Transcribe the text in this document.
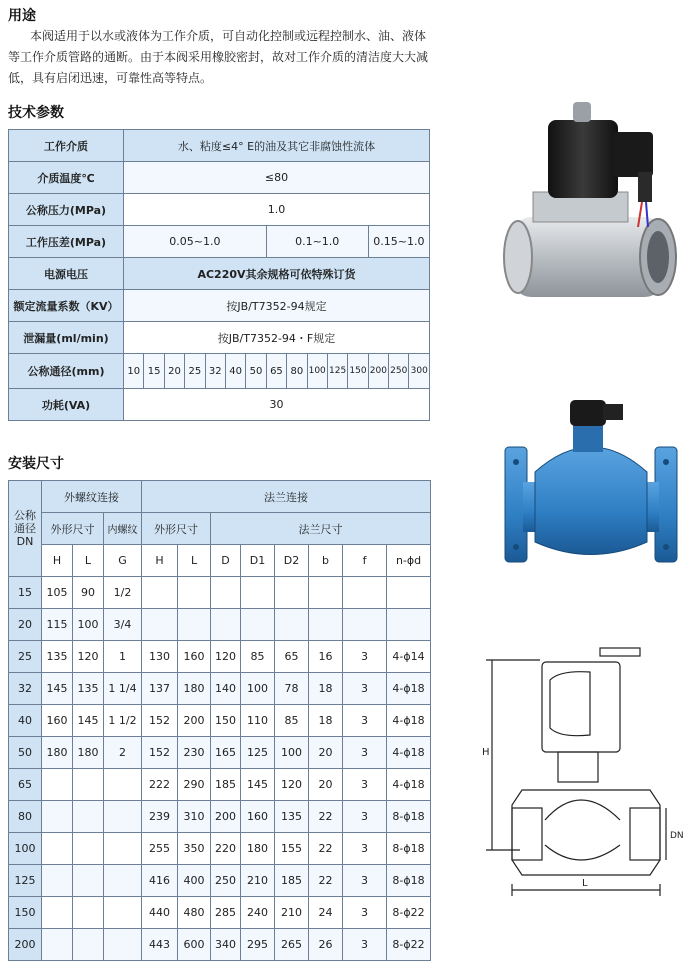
用途
本阀适用于以水或液体为工作介质，可自动化控制或远程控制水、油、液体
等工作介质管路的通断。由于本阀采用橡胶密封，故对工作介质的清洁度大大减
低，具有启闭迅速，可靠性高等特点。
技术参数
工作介质	水、粘度≤4° E的油及其它非腐蚀性流体														
介质温度℃	≤80														
公称压力(MPa)	1.0														
工作压差(MPa)	0.05~1.0							0.1~1.0					0.15~1.0		
电源电压	AC220V其余规格可依特殊订货														
额定流量系数（KV）	按JB/T7352-94规定														
泄漏量(ml/min)	按JB/T7352-94・F规定														
公称通径(mm)	10	15	20	25	32	40	50	65	80	100	125	150	200	250	300
功耗(VA)	30														
安装尺寸
公称
通径
DN	外螺纹连接			法兰连接							
	外形尺寸		内螺纹	外形尺寸		法兰尺寸					
	H	L	G	H	L	D	D1	D2	b	f	n-ϕd
15	105	90	1/2								
20	115	100	3/4								
25	135	120	1	130	160	120	85	65	16	3	4-ϕ14
32	145	135	1 1/4	137	180	140	100	78	18	3	4-ϕ18
40	160	145	1 1/2	152	200	150	110	85	18	3	4-ϕ18
50	180	180	2	152	230	165	125	100	20	3	4-ϕ18
65				222	290	185	145	120	20	3	4-ϕ18
80				239	310	200	160	135	22	3	8-ϕ18
100				255	350	220	180	155	22	3	8-ϕ18
125				416	400	250	210	185	22	3	8-ϕ18
150				440	480	285	240	210	24	3	8-ϕ22
200				443	600	340	295	265	26	3	8-ϕ22
H
L
DN
